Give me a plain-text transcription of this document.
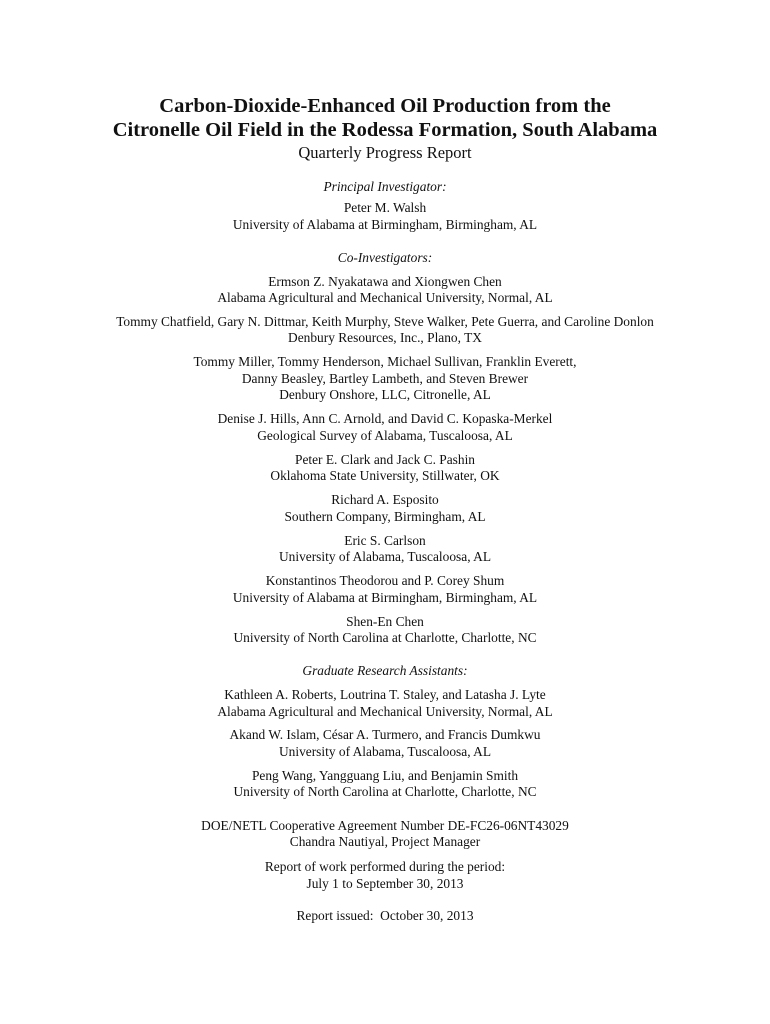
Carbon-Dioxide-Enhanced Oil Production from the
Citronelle Oil Field in the Rodessa Formation, South Alabama
Quarterly Progress Report
Principal Investigator:
Peter M. Walsh
University of Alabama at Birmingham, Birmingham, AL
Co-Investigators:
Ermson Z. Nyakatawa and Xiongwen Chen
Alabama Agricultural and Mechanical University, Normal, AL
Tommy Chatfield, Gary N. Dittmar, Keith Murphy, Steve Walker, Pete Guerra, and Caroline Donlon
Denbury Resources, Inc., Plano, TX
Tommy Miller, Tommy Henderson, Michael Sullivan, Franklin Everett,
Danny Beasley, Bartley Lambeth, and Steven Brewer
Denbury Onshore, LLC, Citronelle, AL
Denise J. Hills, Ann C. Arnold, and David C. Kopaska-Merkel
Geological Survey of Alabama, Tuscaloosa, AL
Peter E. Clark and Jack C. Pashin
Oklahoma State University, Stillwater, OK
Richard A. Esposito
Southern Company, Birmingham, AL
Eric S. Carlson
University of Alabama, Tuscaloosa, AL
Konstantinos Theodorou and P. Corey Shum
University of Alabama at Birmingham, Birmingham, AL
Shen-En Chen
University of North Carolina at Charlotte, Charlotte, NC
Graduate Research Assistants:
Kathleen A. Roberts, Loutrina T. Staley, and Latasha J. Lyte
Alabama Agricultural and Mechanical University, Normal, AL
Akand W. Islam, César A. Turmero, and Francis Dumkwu
University of Alabama, Tuscaloosa, AL
Peng Wang, Yangguang Liu, and Benjamin Smith
University of North Carolina at Charlotte, Charlotte, NC
DOE/NETL Cooperative Agreement Number DE-FC26-06NT43029
Chandra Nautiyal, Project Manager
Report of work performed during the period:
July 1 to September 30, 2013
Report issued:  October 30, 2013
